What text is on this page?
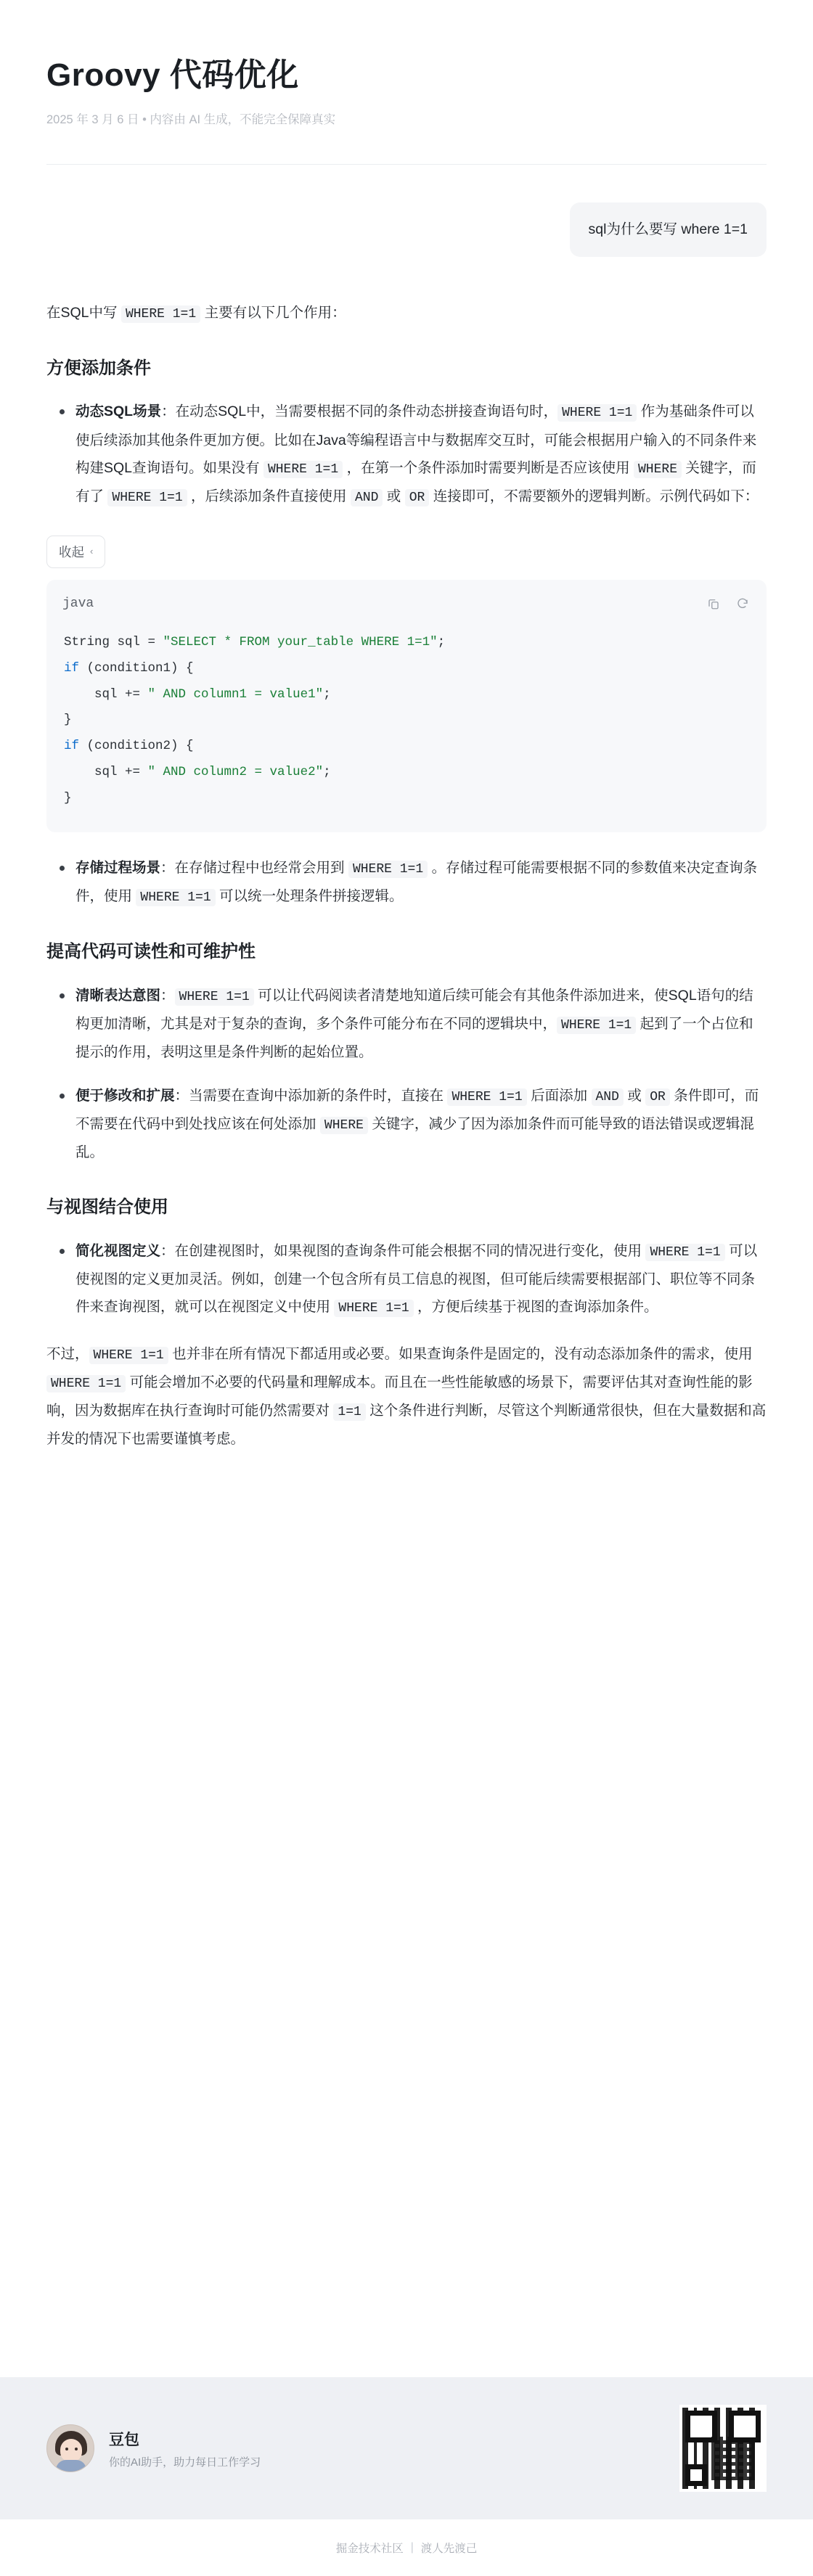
Groovy 代码优化
2025 年 3 月 6 日 • 内容由 AI 生成，不能完全保障真实
sql为什么要写 where 1=1

在SQL中写 WHERE 1=1 主要有以下几个作用：

方便添加条件
动态SQL场景：在动态SQL中，当需要根据不同的条件动态拼接查询语句时， WHERE 1=1 作为基础条件可以使后续添加其他条件更加方便。比如在Java等编程语言中与数据库交互时，可能会根据用户输入的不同条件来构建SQL查询语句。如果没有 WHERE 1=1 ，在第一个条件添加时需要判断是否应该使用 WHERE 关键字，而有了 WHERE 1=1 ，后续添加条件直接使用 AND 或 OR 连接即可，不需要额外的逻辑判断。示例代码如下：
收起 ‹
java
String sql = "SELECT * FROM your_table WHERE 1=1";
if (condition1) {
sql += " AND column1 = value1";
}
if (condition2) {
sql += " AND column2 = value2";
}
存储过程场景：在存储过程中也经常会用到 WHERE 1=1 。存储过程可能需要根据不同的参数值来决定查询条件，使用 WHERE 1=1 可以统一处理条件拼接逻辑。
提高代码可读性和可维护性
清晰表达意图： WHERE 1=1 可以让代码阅读者清楚地知道后续可能会有其他条件添加进来，使SQL语句的结构更加清晰，尤其是对于复杂的查询，多个条件可能分布在不同的逻辑块中， WHERE 1=1 起到了一个占位和提示的作用，表明这里是条件判断的起始位置。
便于修改和扩展：当需要在查询中添加新的条件时，直接在 WHERE 1=1 后面添加 AND 或 OR 条件即可，而不需要在代码中到处找应该在何处添加 WHERE 关键字，减少了因为添加条件而可能导致的语法错误或逻辑混乱。
与视图结合使用
简化视图定义：在创建视图时，如果视图的查询条件可能会根据不同的情况进行变化，使用 WHERE 1=1 可以使视图的定义更加灵活。例如，创建一个包含所有员工信息的视图，但可能后续需要根据部门、职位等不同条件来查询视图，就可以在视图定义中使用 WHERE 1=1 ，方便后续基于视图的查询添加条件。

不过， WHERE 1=1 也并非在所有情况下都适用或必要。如果查询条件是固定的，没有动态添加条件的需求，使用 WHERE 1=1 可能会增加不必要的代码量和理解成本。而且在一些性能敏感的场景下，需要评估其对查询性能的影响，因为数据库在执行查询时可能仍然需要对 1=1 这个条件进行判断，尽管这个判断通常很快，但在大量数据和高并发的情况下也需要谨慎考虑。

豆包
你的AI助手，助力每日工作学习
掘金技术社区 | 渡人先渡己
